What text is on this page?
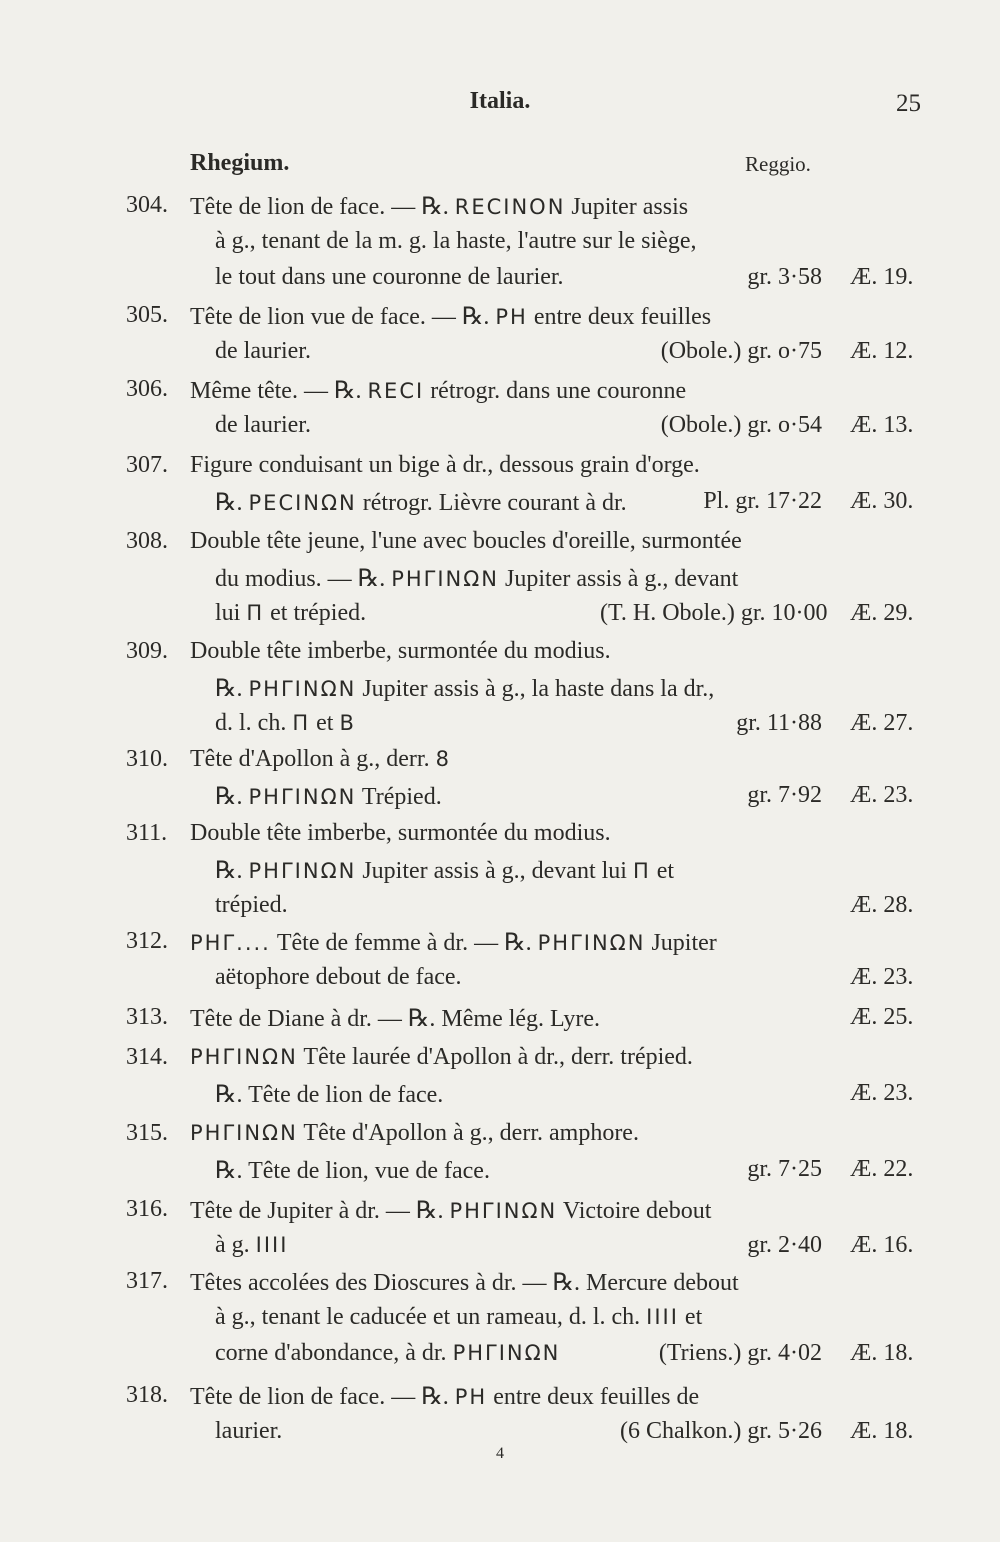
Italia.	25
Rhegium.	Reggio.
304. Tête de lion de face. — ℞. RECINON Jupiter assis
à g., tenant de la m. g. la haste, l'autre sur le siège,
le tout dans une couronne de laurier.	gr. 3·58 Æ. 19.
305. Tête de lion vue de face. — ℞. PH entre deux feuilles
de laurier.	(Obole.) gr. o·75 Æ. 12.
306. Même tête. — ℞. RECI rétrogr. dans une couronne
de laurier.	(Obole.) gr. o·54 Æ. 13.
307. Figure conduisant un bige à dr., dessous grain d'orge.
℞. PECINΩN rétrogr. Lièvre courant à dr.	Pl. gr. 17·22 Æ. 30.
308. Double tête jeune, l'une avec boucles d'oreille, surmontée
du modius. — ℞. PHΓINΩN Jupiter assis à g., devant
lui Π et trépied.	(T. H. Obole.) gr. 10·00 Æ. 29.
309. Double tête imberbe, surmontée du modius.
℞. PHΓINΩN Jupiter assis à g., la haste dans la dr.,
d. l. ch. Π et B	gr. 11·88 Æ. 27.
310. Tête d'Apollon à g., derr. 8
℞. PHΓINΩN Trépied.	gr. 7·92 Æ. 23.
311. Double tête imberbe, surmontée du modius.
℞. PHΓINΩN Jupiter assis à g., devant lui Π et
trépied.	Æ. 28.
312. PHΓ.... Tête de femme à dr. — ℞. PHΓINΩN Jupiter
aëtophore debout de face.	Æ. 23.
313. Tête de Diane à dr. — ℞. Même lég. Lyre.	Æ. 25.
314. PHΓINΩN Tête laurée d'Apollon à dr., derr. trépied.
℞. Tête de lion de face.	Æ. 23.
315. PHΓINΩN Tête d'Apollon à g., derr. amphore.
℞. Tête de lion, vue de face.	gr. 7·25 Æ. 22.
316. Tête de Jupiter à dr. — ℞. PHΓINΩN Victoire debout
à g. IIII	gr. 2·40 Æ. 16.
317. Têtes accolées des Dioscures à dr. — ℞. Mercure debout
à g., tenant le caducée et un rameau, d. l. ch. IIII et
corne d'abondance, à dr. PHΓINΩN	(Triens.) gr. 4·02 Æ. 18.
318. Tête de lion de face. — ℞. PH entre deux feuilles de
laurier.	(6 Chalkon.) gr. 5·26 Æ. 18.
4
